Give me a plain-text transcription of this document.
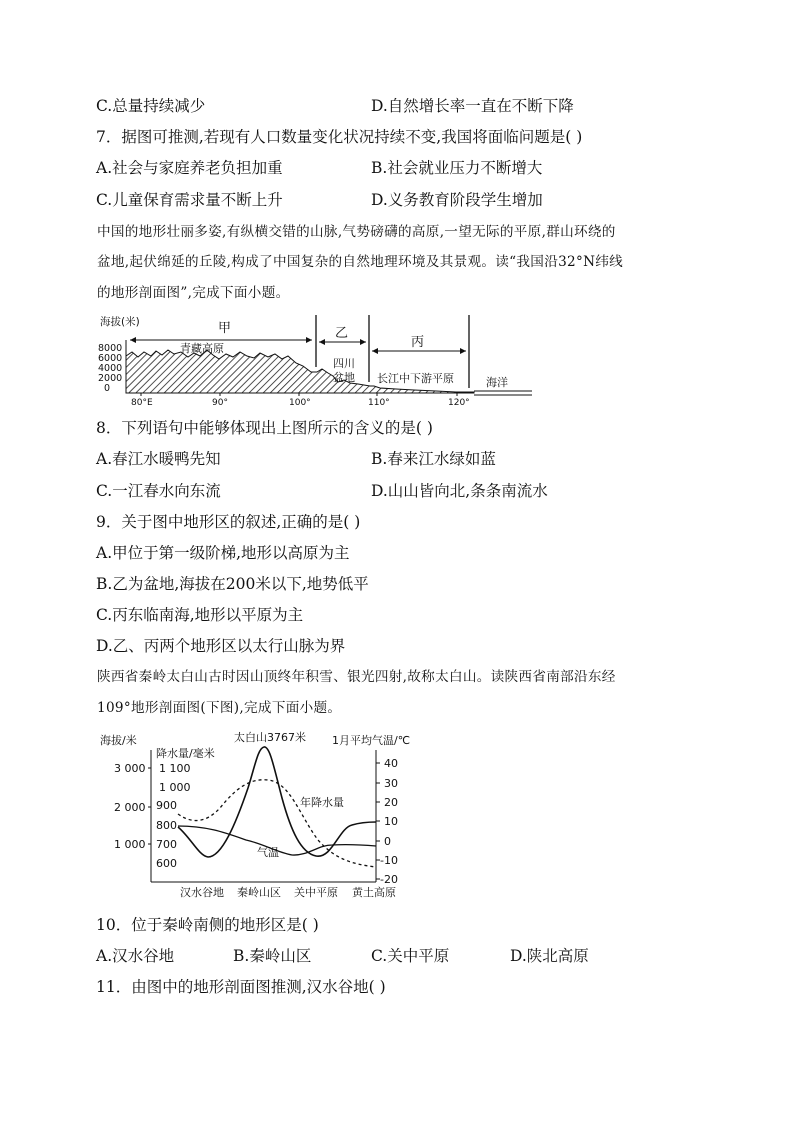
C.总量持续减少	D.自然增长率一直在不断下降
7．据图可推测,若现有人口数量变化状况持续不变,我国将面临问题是( )
A.社会与家庭养老负担加重	B.社会就业压力不断增大
C.儿童保育需求量不断上升	D.义务教育阶段学生增加
中国的地形壮丽多姿,有纵横交错的山脉,气势磅礴的高原,一望无际的平原,群山环绕的
盆地,起伏绵延的丘陵,构成了中国复杂的自然地理环境及其景观。读“我国沿32°N纬线
的地形剖面图”,完成下面小题。
海拔(米)
8000
6000
4000
2000
0
80°E	90°	100°	110°	120°
甲	乙
丙
青藏高原
四川
盆地 长江中下游平原	海洋
8．下列语句中能够体现出上图所示的含义的是( )
A.春江水暖鸭先知	B.春来江水绿如蓝
C.一江春水向东流	D.山山皆向北,条条南流水
9．关于图中地形区的叙述,正确的是( )
A.甲位于第一级阶梯,地形以高原为主
B.乙为盆地,海拔在200米以下,地势低平
C.丙东临南海,地形以平原为主
D.乙、丙两个地形区以太行山脉为界
陕西省秦岭太白山古时因山顶终年积雪、银光四射,故称太白山。读陕西省南部沿东经
109°地形剖面图(下图),完成下面小题。
海拔/米	太白山3767米 1月平均气温/℃
降水量/毫米
3 000
2 000
1 000
1 100
1 000
900
800
700
600
40
30
20
10
0
-10
-20
年降水量
气温
汉水谷地 秦岭山区 关中平原 黄土高原
10．位于秦岭南侧的地形区是( )
A.汉水谷地	B.秦岭山区	C.关中平原	D.陕北高原
11．由图中的地形剖面图推测,汉水谷地( )
